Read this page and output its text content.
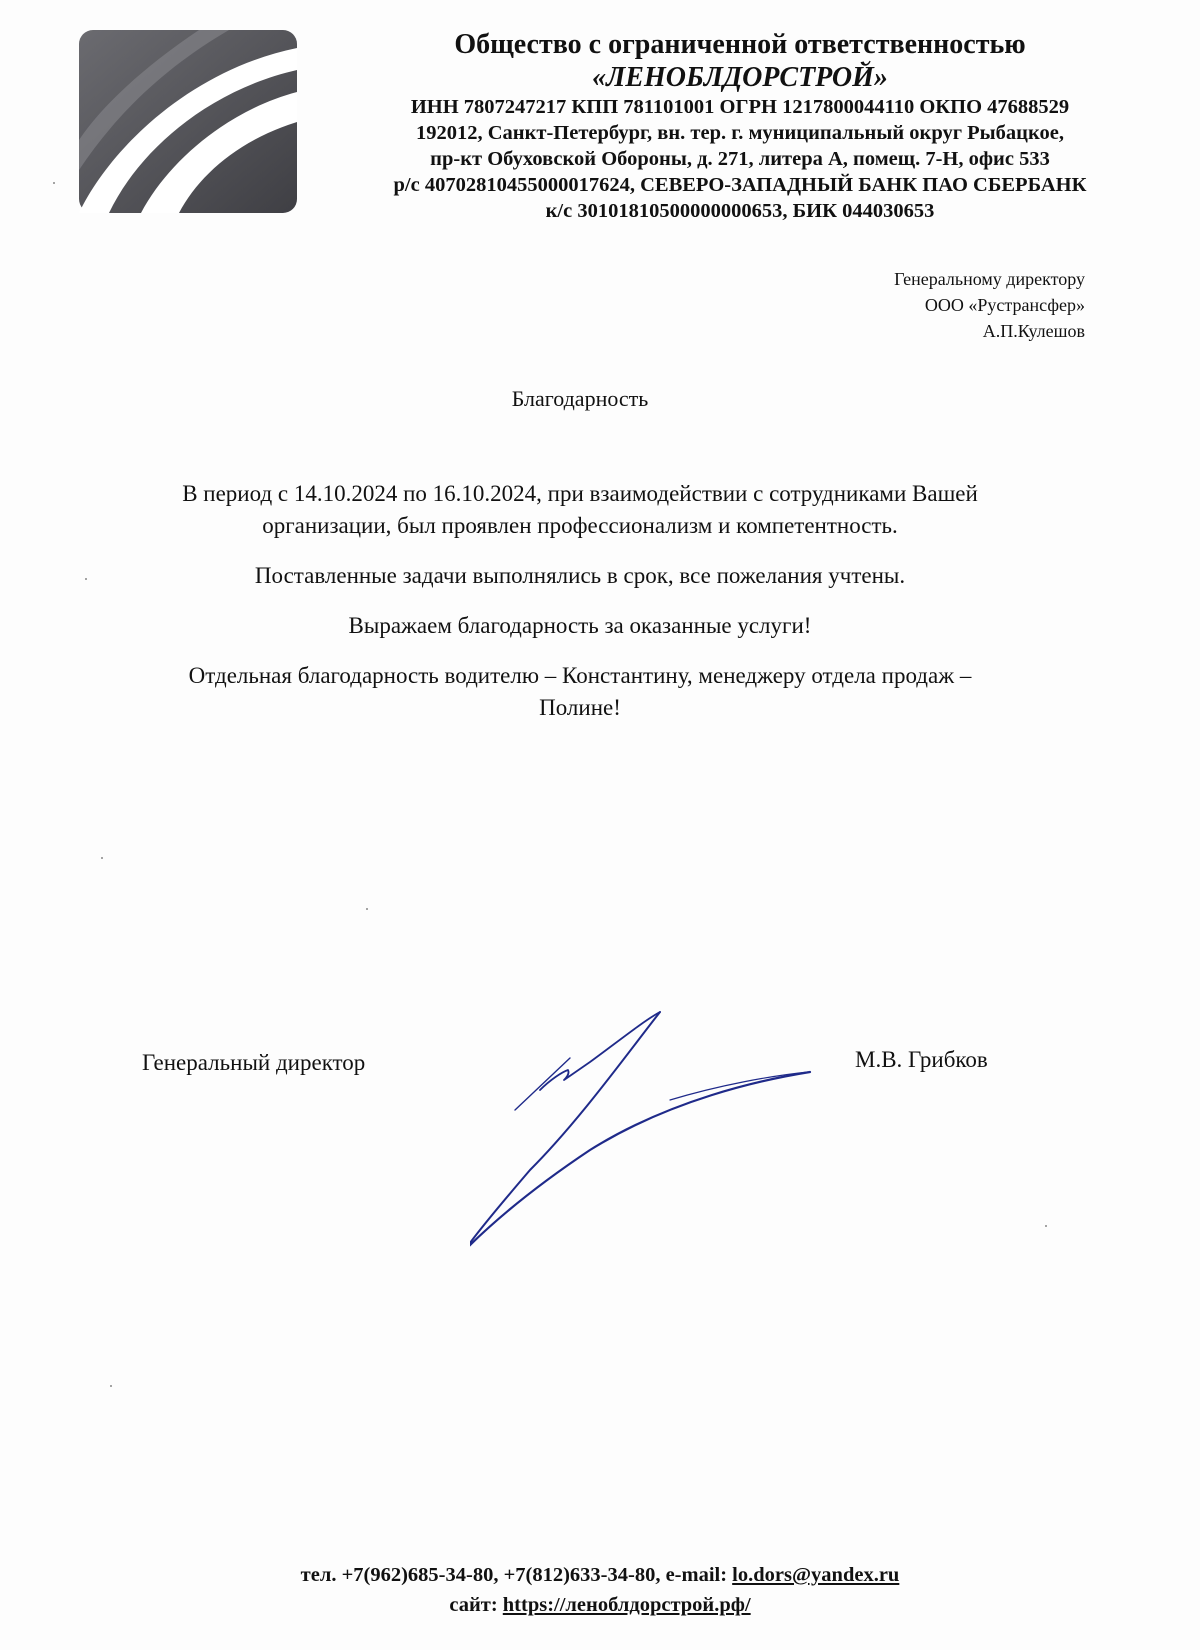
Общество с ограниченной ответственностью

«ЛЕНОБЛДОРСТРОЙ»

ИНН 7807247217 КПП 781101001 ОГРН 1217800044110 ОКПО 47688529

192012, Санкт-Петербург, вн. тер. г. муниципальный округ Рыбацкое,

пр-кт Обуховской Обороны, д. 271, литера А, помещ. 7-Н, офис 533

р/с 40702810455000017624, СЕВЕРО-ЗАПАДНЫЙ БАНК ПАО СБЕРБАНК

к/с 30101810500000000653, БИК 044030653

Генеральному директору
ООО «Рустрансфер»
А.П.Кулешов
Благодарность

В период с 14.10.2024 по 16.10.2024, при взаимодействии с сотрудниками Вашей
организации, был проявлен профессионализм и компетентность.

Поставленные задачи выполнялись в срок, все пожелания учтены.

Выражаем благодарность за оказанные услуги!

Отдельная благодарность водителю – Константину, менеджеру отдела продаж –
Полине!

Генеральный директор	М.В. Грибков
тел. +7(962)685-34-80, +7(812)633-34-80, e-mail: lo.dors@yandex.ru
сайт: https://леноблдорстрой.рф/
